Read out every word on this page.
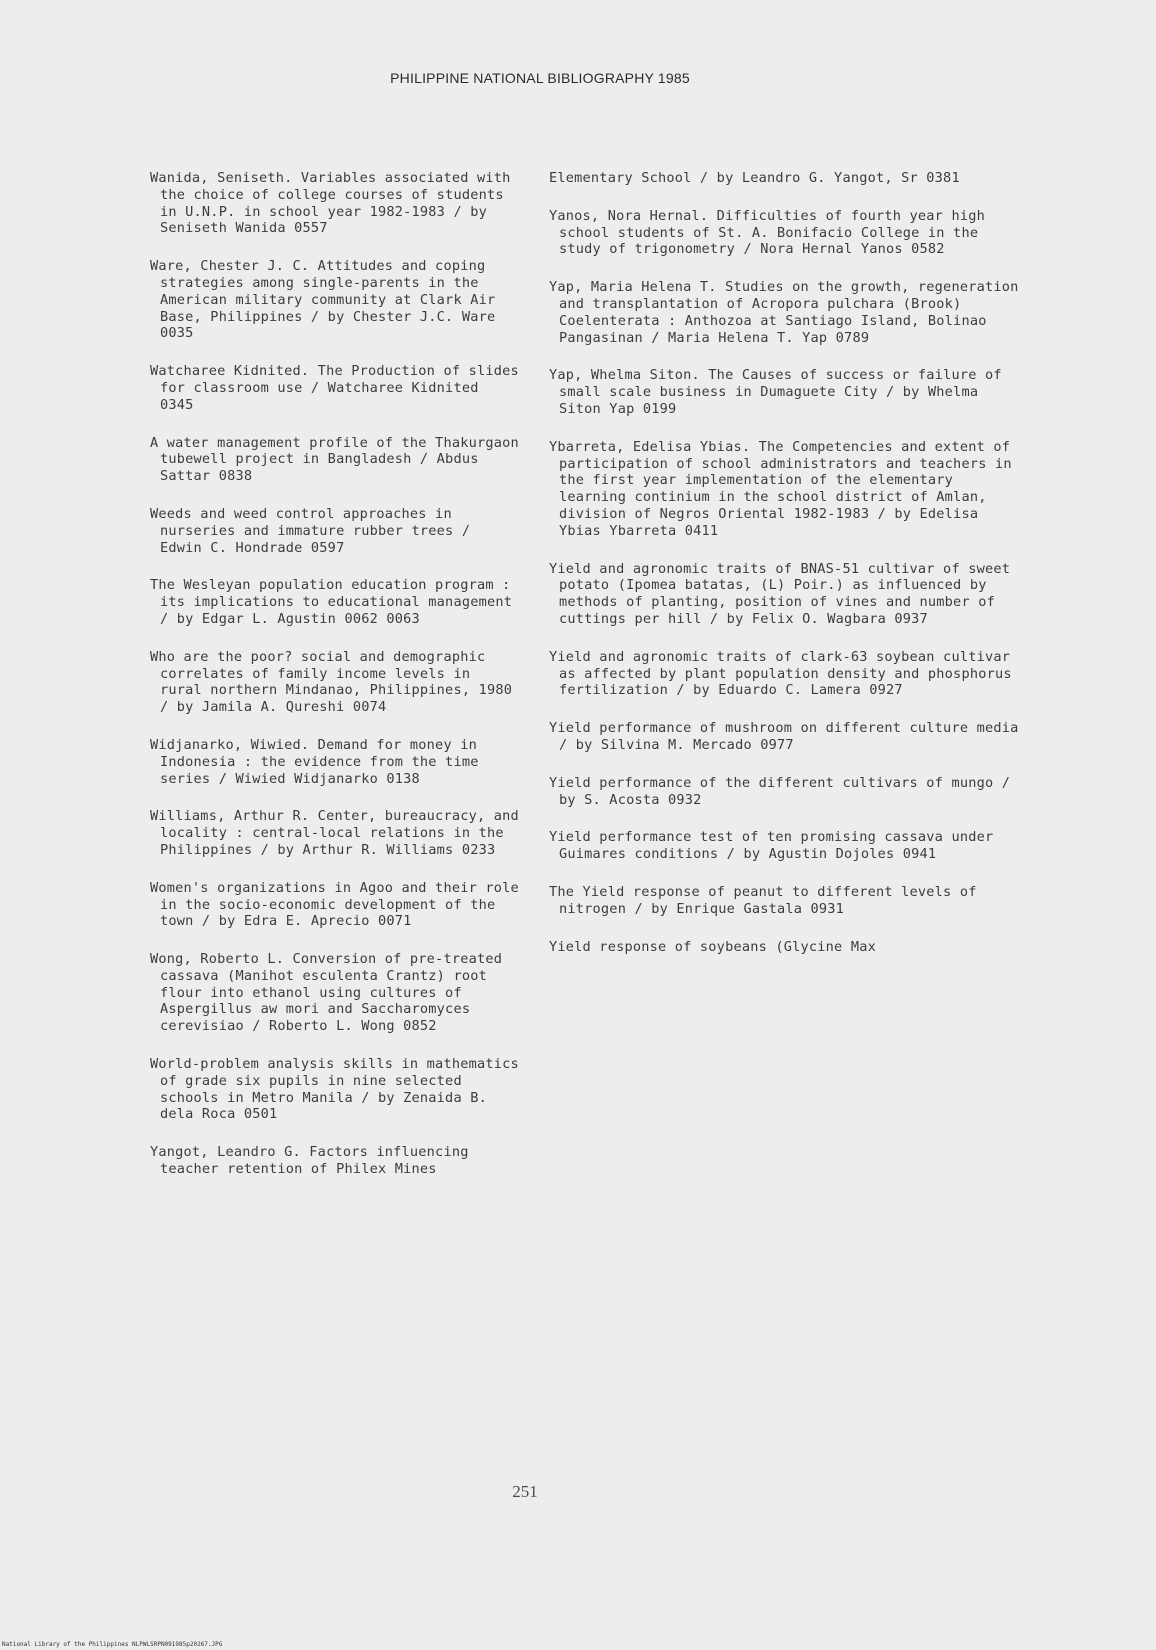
PHILIPPINE NATIONAL BIBLIOGRAPHY 1985

Wanida, Seniseth. Variables associated with the choice of college courses of students in U.N.P. in school year 1982-1983 / by Seniseth Wanida 0557

Ware, Chester J. C. Attitudes and coping strategies among single-parents in the American military community at Clark Air Base, Philippines / by Chester J.C. Ware 0035

Watcharee Kidnited. The Production of slides for classroom use / Watcharee Kidnited 0345

A water management profile of the Thakurgaon tubewell project in Bangladesh / Abdus Sattar 0838

Weeds and weed control approaches in nurseries and immature rubber trees / Edwin C. Hondrade 0597

The Wesleyan population education program : its implications to educational management / by Edgar L. Agustin 0062 0063

Who are the poor? social and demographic correlates of family income levels in rural northern Mindanao, Philippines, 1980 / by Jamila A. Qureshi 0074

Widjanarko, Wiwied. Demand for money in Indonesia : the evidence from the time series / Wiwied Widjanarko 0138

Williams, Arthur R. Center, bureaucracy, and locality : central-local relations in the Philippines / by Arthur R. Williams 0233

Women's organizations in Agoo and their role in the socio-economic development of the town / by Edra E. Aprecio 0071

Wong, Roberto L. Conversion of pre-treated cassava (Manihot esculenta Crantz) root flour into ethanol using cultures of Aspergillus aw mori and Saccharomyces cerevisiao / Roberto L. Wong 0852

World-problem analysis skills in mathematics of grade six pupils in nine selected schools in Metro Manila / by Zenaida B. dela Roca 0501

Yangot, Leandro G. Factors influencing teacher retention of Philex Mines

Elementary School / by Leandro G. Yangot, Sr 0381

Yanos, Nora Hernal. Difficulties of fourth year high school students of St. A. Bonifacio College in the study of trigonometry / Nora Hernal Yanos 0582

Yap, Maria Helena T. Studies on the growth, regeneration and transplantation of Acropora pulchara (Brook) Coelenterata : Anthozoa at Santiago Island, Bolinao Pangasinan / Maria Helena T. Yap 0789

Yap, Whelma Siton. The Causes of success or failure of small scale business in Dumaguete City / by Whelma Siton Yap 0199

Ybarreta, Edelisa Ybias. The Competencies and extent of participation of school administrators and teachers in the first year implementation of the elementary learning continium in the school district of Amlan, division of Negros Oriental 1982-1983 / by Edelisa Ybias Ybarreta 0411

Yield and agronomic traits of BNAS-51 cultivar of sweet potato (Ipomea batatas, (L) Poir.) as influenced by methods of planting, position of vines and number of cuttings per hill / by Felix O. Wagbara 0937

Yield and agronomic traits of clark-63 soybean cultivar as affected by plant population density and phosphorus fertilization / by Eduardo C. Lamera 0927

Yield performance of mushroom on different culture media / by Silvina M. Mercado 0977

Yield performance of the different cultivars of mungo / by S. Acosta 0932

Yield performance test of ten promising cassava under Guimares conditions / by Agustin Dojoles 0941

The Yield response of peanut to different levels of nitrogen / by Enrique Gastala 0931

Yield response of soybeans (Glycine Max

251
National Library of the Philippines NLPWLSRPN091985p20267.JPG
